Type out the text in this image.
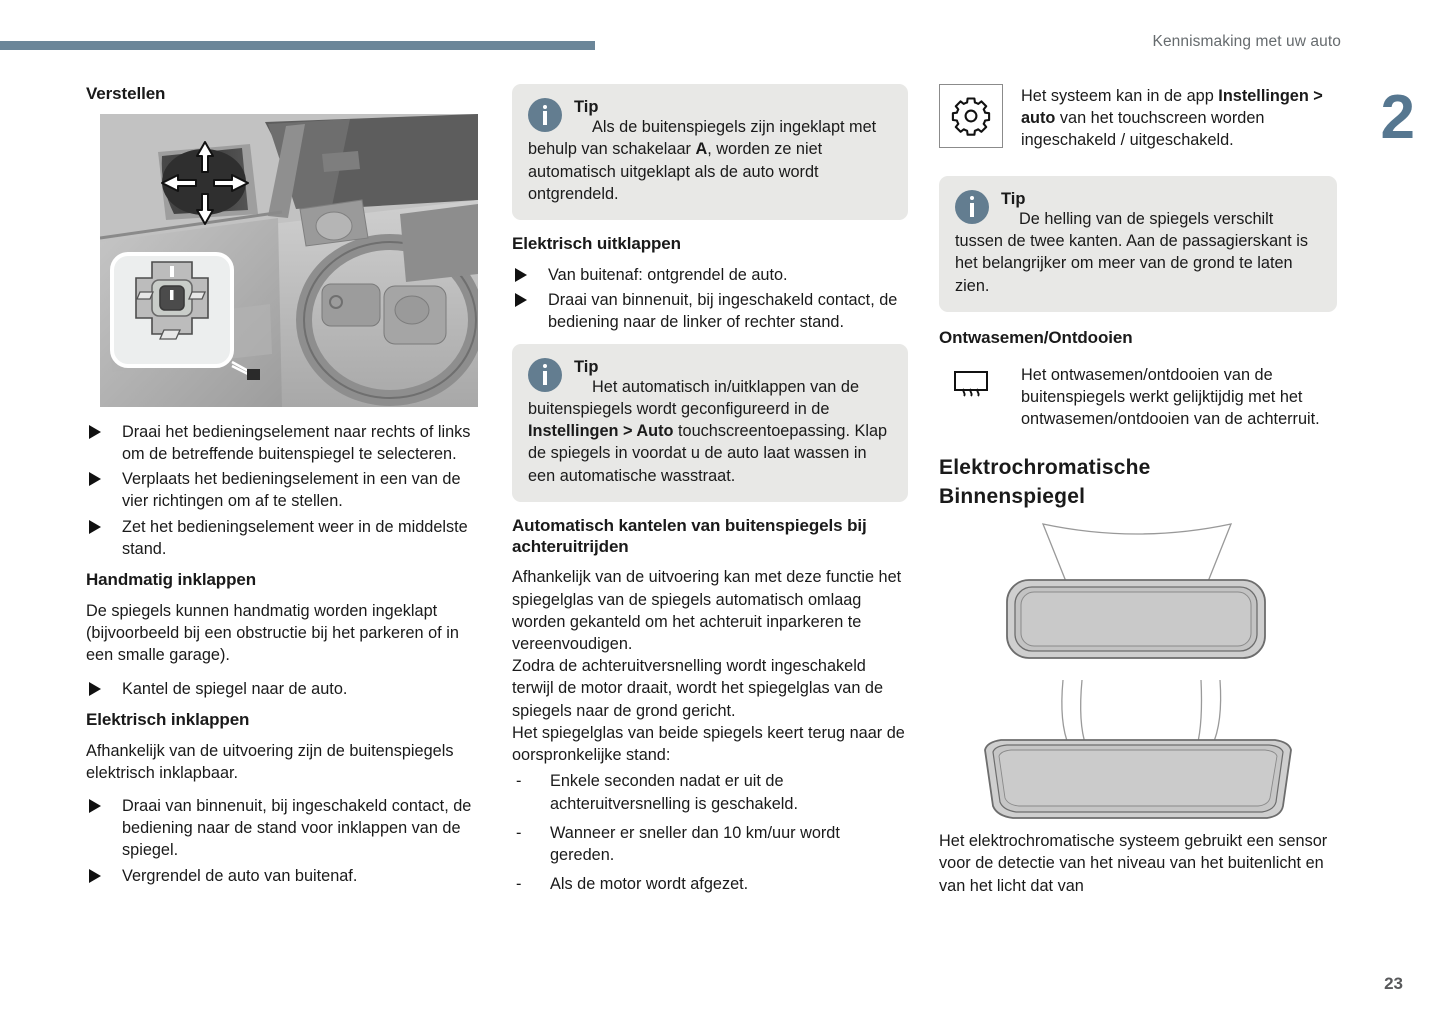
Kennismaking met uw auto
2
23
Verstellen
Draai het bedieningselement naar rechts of links om de betreffende buitenspiegel te selecteren.
Verplaats het bedieningselement in een van de vier richtingen om af te stellen.
Zet het bedieningselement weer in de middelste stand.
Handmatig inklappen

De spiegels kunnen handmatig worden ingeklapt (bijvoorbeeld bij een obstructie bij het parkeren of in een smalle garage).

Kantel de spiegel naar de auto.
Elektrisch inklappen

Afhankelijk van de uitvoering zijn de buitenspiegels elektrisch inklapbaar.

Draai van binnenuit, bij ingeschakeld contact, de bediening naar de stand voor inklappen van de spiegel.
Vergrendel de auto van buitenaf.
Tip
Als de buitenspiegels zijn ingeklapt met behulp van schakelaar A, worden ze niet automatisch uitgeklapt als de auto wordt ontgrendeld.
Elektrisch uitklappen
Van buitenaf: ontgrendel de auto.
Draai van binnenuit, bij ingeschakeld contact, de bediening naar de linker of rechter stand.
Tip
Het automatisch in/uitklappen van de buitenspiegels wordt geconfigureerd in de Instellingen > Auto touchscreentoepassing. Klap de spiegels in voordat u de auto laat wassen in een automatische wasstraat.
Automatisch kantelen van buitenspiegels bij achteruitrijden

Afhankelijk van de uitvoering kan met deze functie het spiegelglas van de spiegels automatisch omlaag worden gekanteld om het achteruit inparkeren te vereenvoudigen.

Zodra de achteruitversnelling wordt ingeschakeld terwijl de motor draait, wordt het spiegelglas van de spiegels naar de grond gericht.

Het spiegelglas van beide spiegels keert terug naar de oorspronkelijke stand:

- Enkele seconden nadat er uit de achteruitversnelling is geschakeld.
- Wanneer er sneller dan 10 km/uur wordt gereden.
- Als de motor wordt afgezet.
Het systeem kan in de app Instellingen > auto van het touchscreen worden ingeschakeld / uitgeschakeld.
Tip
De helling van de spiegels verschilt tussen de twee kanten. Aan de passagierskant is het belangrijker om meer van de grond te laten zien.
Ontwasemen/Ontdooien
Het ontwasemen/ontdooien van de buitenspiegels werkt gelijktijdig met het ontwasemen/ontdooien van de achterruit.
Elektrochromatische
Binnenspiegel

Het elektrochromatische systeem gebruikt een sensor voor de detectie van het niveau van het buitenlicht en van het licht dat van
